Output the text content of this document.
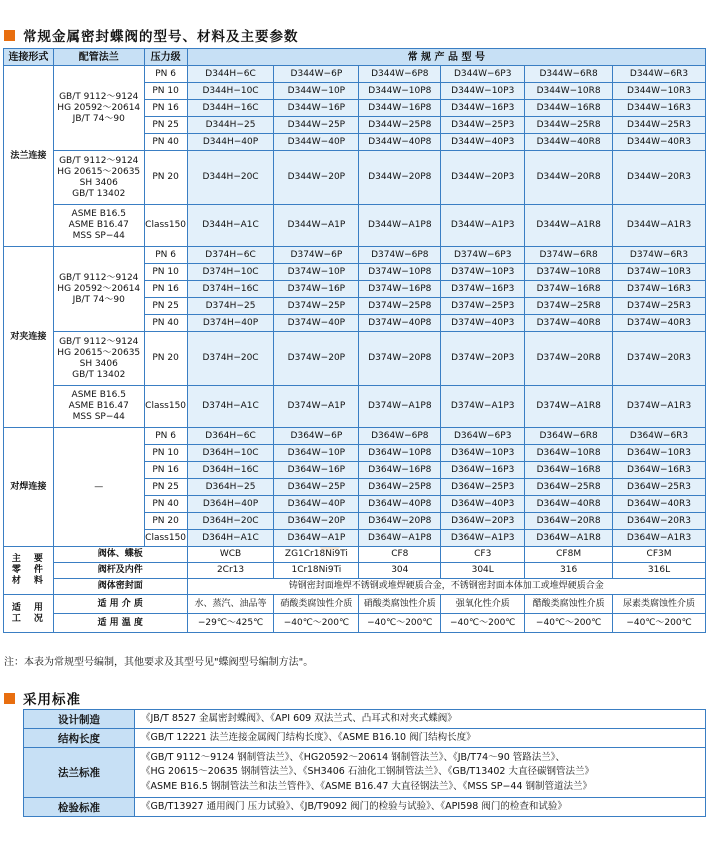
常规金属密封蝶阀的型号、材料及主要参数
连接形式	配管法兰	压力级	常 规 产 品 型 号					
法兰连接	GB/T 9112～9124
HG 20592～20614
JB/T 74～90	PN 6	D344H−6C	D344W−6P	D344W−6P8	D344W−6P3	D344W−6R8	D344W−6R3
		PN 10	D344H−10C	D344W−10P	D344W−10P8	D344W−10P3	D344W−10R8	D344W−10R3
		PN 16	D344H−16C	D344W−16P	D344W−16P8	D344W−16P3	D344W−16R8	D344W−16R3
		PN 25	D344H−25	D344W−25P	D344W−25P8	D344W−25P3	D344W−25R8	D344W−25R3
		PN 40	D344H−40P	D344W−40P	D344W−40P8	D344W−40P3	D344W−40R8	D344W−40R3

	GB/T 9112～9124
HG 20615～20635
SH 3406
GB/T 13402	PN 20	D344H−20C	D344W−20P	D344W−20P8	D344W−20P3	D344W−20R8	D344W−20R3

	ASME B16.5
ASME B16.47
MSS SP−44	Class150	D344H−A1C	D344W−A1P	D344W−A1P8	D344W−A1P3	D344W−A1R8	D344W−A1R3
对夹连接	GB/T 9112～9124
HG 20592～20614
JB/T 74～90	PN 6	D374H−6C	D374W−6P	D374W−6P8	D374W−6P3	D374W−6R8	D374W−6R3
		PN 10	D374H−10C	D374W−10P	D374W−10P8	D374W−10P3	D374W−10R8	D374W−10R3
		PN 16	D374H−16C	D374W−16P	D374W−16P8	D374W−16P3	D374W−16R8	D374W−16R3
		PN 25	D374H−25	D374W−25P	D374W−25P8	D374W−25P3	D374W−25R8	D374W−25R3
		PN 40	D374H−40P	D374W−40P	D374W−40P8	D374W−40P3	D374W−40R8	D374W−40R3

	GB/T 9112～9124
HG 20615～20635
SH 3406
GB/T 13402	PN 20	D374H−20C	D374W−20P	D374W−20P8	D374W−20P3	D374W−20R8	D374W−20R3

	ASME B16.5
ASME B16.47
MSS SP−44	Class150	D374H−A1C	D374W−A1P	D374W−A1P8	D374W−A1P3	D374W−A1R8	D374W−A1R3
对焊连接	—	PN 6	D364H−6C	D364W−6P	D364W−6P8	D364W−6P3	D364W−6R8	D364W−6R3
		PN 10	D364H−10C	D364W−10P	D364W−10P8	D364W−10P3	D364W−10R8	D364W−10R3
		PN 16	D364H−16C	D364W−16P	D364W−16P8	D364W−16P3	D364W−16R8	D364W−16R3
		PN 25	D364H−25	D364W−25P	D364W−25P8	D364W−25P3	D364W−25R8	D364W−25R3
		PN 40	D364H−40P	D364W−40P	D364W−40P8	D364W−40P3	D364W−40R8	D364W−40R3
		PN 20	D364H−20C	D364W−20P	D364W−20P8	D364W−20P3	D364W−20R8	D364W−20R3
		Class150	D364H−A1C	D364W−A1P	D364W−A1P8	D364W−A1P3	D364W−A1R8	D364W−A1R3

主　要
零　件
材　料	阀体、蝶板		WCB	ZG1Cr18Ni9Ti	CF8	CF3	CF8M	CF3M
	阀杆及内件		2Cr13	1Cr18Ni9Ti	304	304L	316	316L
	阀体密封面		铸钢密封面堆焊不锈钢或堆焊硬质合金，不锈钢密封面本体加工或堆焊硬质合金					

适　用
工　况	适 用 介 质		水、蒸汽、油品等	硝酸类腐蚀性介质	硝酸类腐蚀性介质	强氧化性介质	醋酸类腐蚀性介质	尿素类腐蚀性介质
	适 用 温 度		−29℃～425℃	−40℃～200℃	−40℃～200℃	−40℃～200℃	−40℃～200℃	−40℃～200℃
注：本表为常规型号编制，其他要求及其型号见"蝶阀型号编制方法"。
采用标准
设计制造	《JB/T 8527 金属密封蝶阀》、《API 609 双法兰式、凸耳式和对夹式蝶阀》

结构长度	《GB/T 12221 法兰连接金属阀门结构长度》、《ASME B16.10 阀门结构长度》

法兰标准	《GB/T 9112～9124 钢制管法兰》、《HG20592～20614 钢制管法兰》、《JB/T74～90 管路法兰》、
《HG 20615～20635 钢制管法兰》、《SH3406 石油化工钢制管法兰》、《GB/T13402 大直径碳钢管法兰》
《ASME B16.5 钢制管法兰和法兰管件》、《ASME B16.47 大直径钢法兰》、《MSS SP−44 钢制管道法兰》

检验标准	《GB/T13927 通用阀门 压力试验》、《JB/T9092 阀门的检验与试验》、《API598 阀门的检查和试验》
